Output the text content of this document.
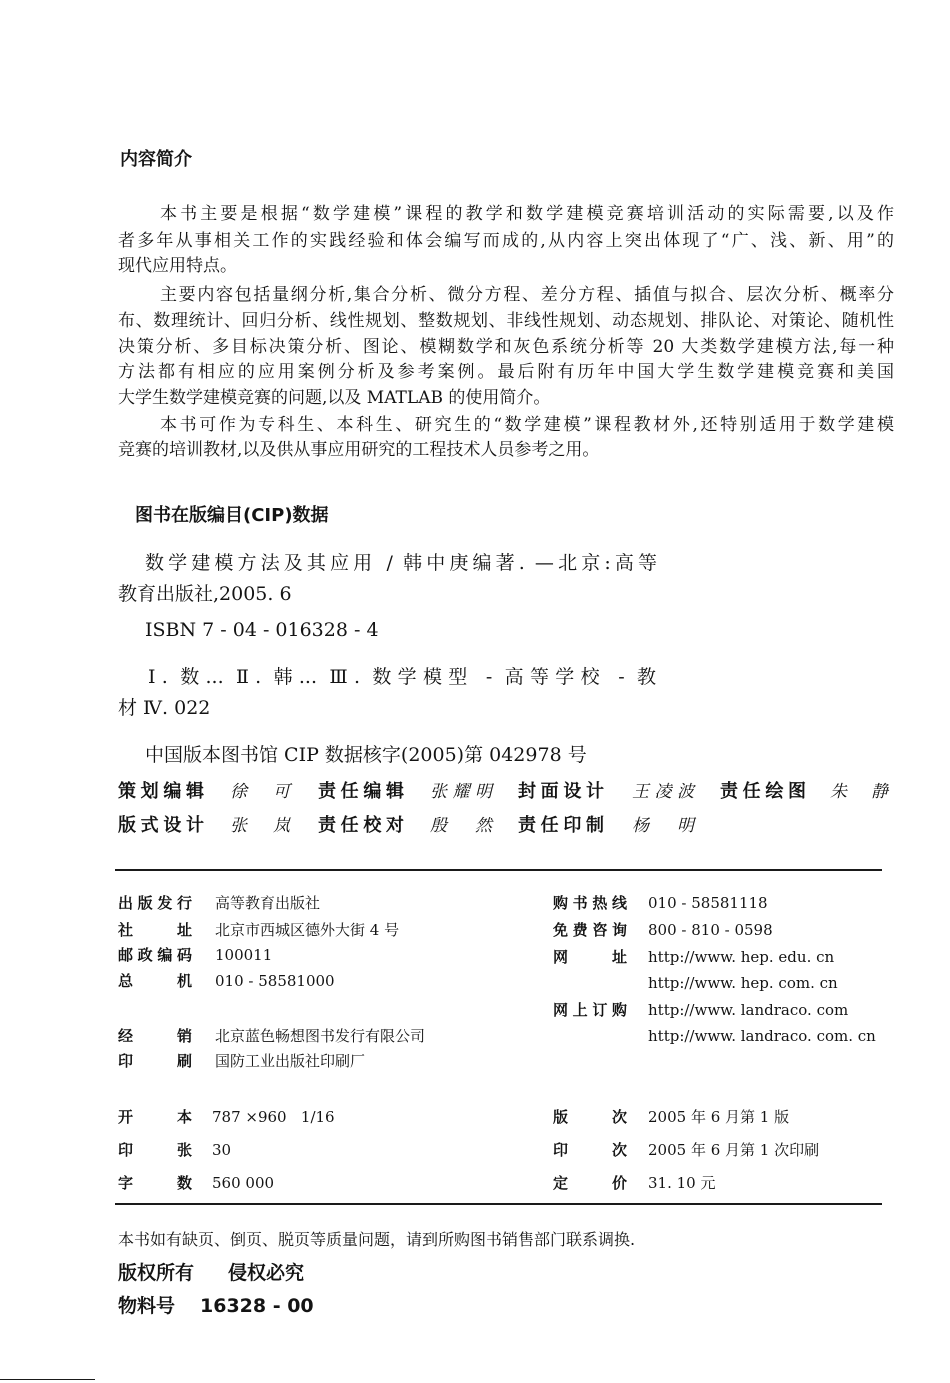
内容简介
本书主要是根据“数学建模”课程的教学和数学建模竞赛培训活动的实际需要,以及作
者多年从事相关工作的实践经验和体会编写而成的,从内容上突出体现了“广、浅、新、用”的
现代应用特点。
主要内容包括量纲分析,集合分析、微分方程、差分方程、插值与拟合、层次分析、概率分
布、数理统计、回归分析、线性规划、整数规划、非线性规划、动态规划、排队论、对策论、随机性
决策分析、多目标决策分析、图论、模糊数学和灰色系统分析等 20 大类数学建模方法,每一种
方法都有相应的应用案例分析及参考案例。最后附有历年中国大学生数学建模竞赛和美国
大学生数学建模竞赛的问题,以及 MATLAB 的使用简介。
本书可作为专科生、本科生、研究生的“数学建模”课程教材外,还特别适用于数学建模
竞赛的培训教材,以及供从事应用研究的工程技术人员参考之用。
图书在版编目(CIP)数据
数学建模方法及其应用 / 韩中庚编著. —北京:高等
教育出版社,2005. 6
ISBN 7 - 04 - 016328 - 4
Ⅰ. 数... Ⅱ. 韩... Ⅲ. 数学模型 - 高等学校 - 教
材 Ⅳ. 022
中国版本图书馆 CIP 数据核字(2005)第 042978 号
策划编辑 徐 可 责任编辑 张耀明 封面设计 王凌波 责任绘图 朱 静
版式设计 张 岚 责任校对 殷 然 责任印制 杨 明
出版发行 高等教育出版社
社 址 北京市西城区德外大街 4 号
邮政编码 100011
总 机 010 - 58581000
经 销 北京蓝色畅想图书发行有限公司
印 刷 国防工业出版社印刷厂
购书热线 010 - 58581118
免费咨询 800 - 810 - 0598
网 址 http://www. hep. edu. cn
http://www. hep. com. cn
网上订购 http://www. landraco. com
http://www. landraco. com. cn
开 本 787 ×960   1/16
印 张 30
字 数 560 000
版 次 2005 年 6 月第 1 版
印 次 2005 年 6 月第 1 次印刷
定 价 31. 10 元
本书如有缺页、倒页、脱页等质量问题，请到所购图书销售部门联系调换.
版权所有 侵权必究
物料号 16328 - 00
